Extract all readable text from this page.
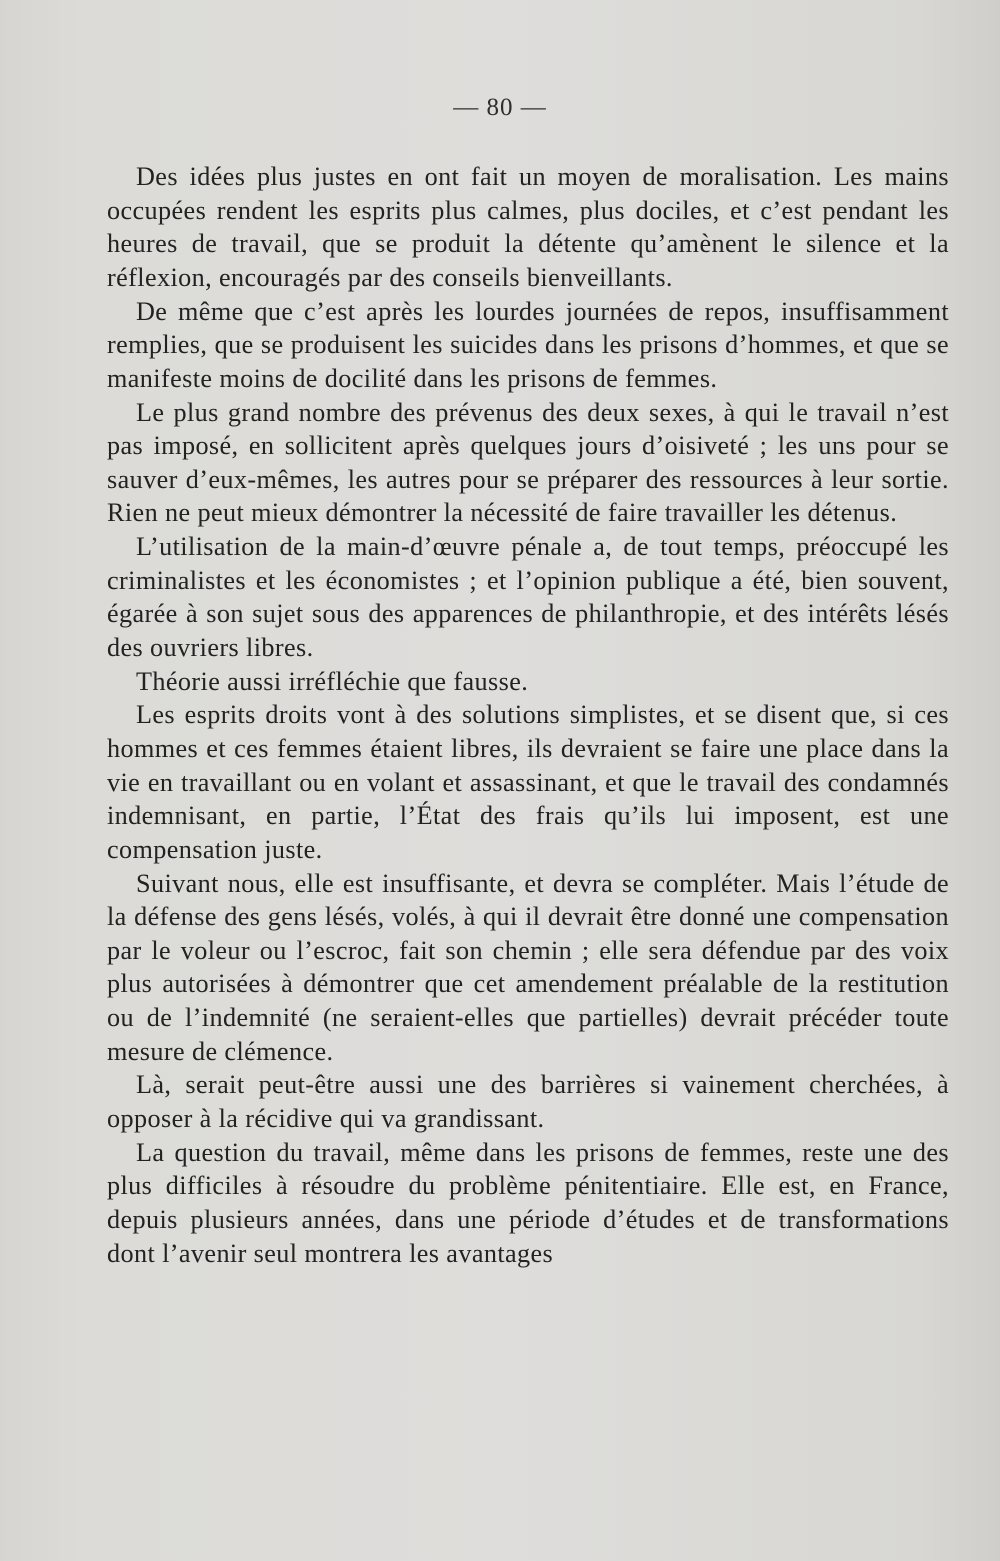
— 80 —

Des idées plus justes en ont fait un moyen de moralisation. Les mains occupées rendent les esprits plus calmes, plus dociles, et c’est pendant les heures de travail, que se produit la détente qu’amènent le silence et la réflexion, encouragés par des conseils bienveillants.

De même que c’est après les lourdes journées de repos, insuffisamment remplies, que se produisent les suicides dans les prisons d’hommes, et que se manifeste moins de docilité dans les prisons de femmes.

Le plus grand nombre des prévenus des deux sexes, à qui le travail n’est pas imposé, en sollicitent après quelques jours d’oisiveté ; les uns pour se sauver d’eux-mêmes, les autres pour se préparer des ressources à leur sortie. Rien ne peut mieux démontrer la nécessité de faire travailler les détenus.

L’utilisation de la main-d’œuvre pénale a, de tout temps, préoccupé les criminalistes et les économistes ; et l’opinion publique a été, bien souvent, égarée à son sujet sous des apparences de philanthropie, et des intérêts lésés des ouvriers libres.

Théorie aussi irréfléchie que fausse.

Les esprits droits vont à des solutions simplistes, et se disent que, si ces hommes et ces femmes étaient libres, ils devraient se faire une place dans la vie en travaillant ou en volant et assassinant, et que le travail des condamnés indemnisant, en partie, l’État des frais qu’ils lui imposent, est une compensation juste.

Suivant nous, elle est insuffisante, et devra se compléter. Mais l’étude de la défense des gens lésés, volés, à qui il devrait être donné une compensation par le voleur ou l’escroc, fait son chemin ; elle sera défendue par des voix plus autorisées à démontrer que cet amendement préalable de la restitution ou de l’indemnité (ne seraient-elles que partielles) devrait précéder toute mesure de clémence.

Là, serait peut-être aussi une des barrières si vainement cherchées, à opposer à la récidive qui va grandissant.

La question du travail, même dans les prisons de femmes, reste une des plus difficiles à résoudre du problème pénitentiaire. Elle est, en France, depuis plusieurs années, dans une période d’études et de transformations dont l’avenir seul montrera les avantages
